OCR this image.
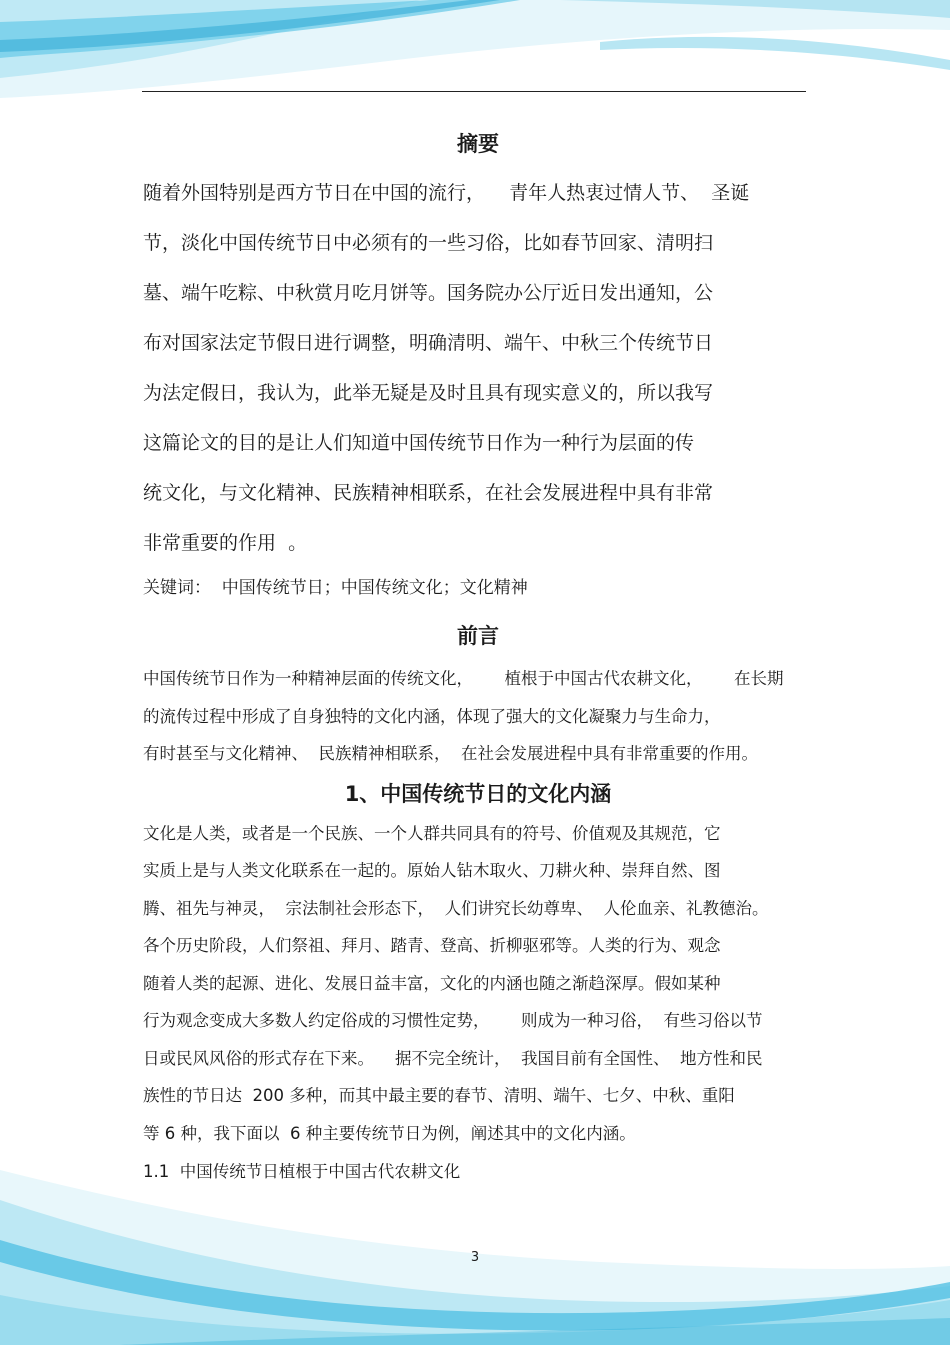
摘要

随着外国特别是西方节日在中国的流行，    青年人热衷过情人节、  圣诞

节，淡化中国传统节日中必须有的一些习俗，比如春节回家、清明扫

墓、端午吃粽、中秋赏月吃月饼等。国务院办公厅近日发出通知，公

布对国家法定节假日进行调整，明确清明、端午、中秋三个传统节日

为法定假日，我认为，此举无疑是及时且具有现实意义的，所以我写

这篇论文的目的是让人们知道中国传统节日作为一种行为层面的传

统文化，与文化精神、民族精神相联系，在社会发展进程中具有非常

非常重要的作用  。

关键词：  中国传统节日；中国传统文化；文化精神

前言

中国传统节日作为一种精神层面的传统文化，      植根于中国古代农耕文化，      在长期

的流传过程中形成了自身独特的文化内涵，体现了强大的文化凝聚力与生命力，

有时甚至与文化精神、  民族精神相联系，  在社会发展进程中具有非常重要的作用。

1、中国传统节日的文化内涵

文化是人类，或者是一个民族、一个人群共同具有的符号、价值观及其规范，它

实质上是与人类文化联系在一起的。原始人钻木取火、刀耕火种、崇拜自然、图

腾、祖先与神灵，  宗法制社会形态下，  人们讲究长幼尊卑、  人伦血亲、礼教德治。

各个历史阶段，人们祭祖、拜月、踏青、登高、折柳驱邪等。人类的行为、观念

随着人类的起源、进化、发展日益丰富，文化的内涵也随之渐趋深厚。假如某种

行为观念变成大多数人约定俗成的习惯性定势，      则成为一种习俗，  有些习俗以节

日或民风风俗的形式存在下来。    据不完全统计，  我国目前有全国性、  地方性和民

族性的节日达  200 多种，而其中最主要的春节、清明、端午、七夕、中秋、重阳

等 6 种，我下面以  6 种主要传统节日为例，阐述其中的文化内涵。

1.1  中国传统节日植根于中国古代农耕文化

3
